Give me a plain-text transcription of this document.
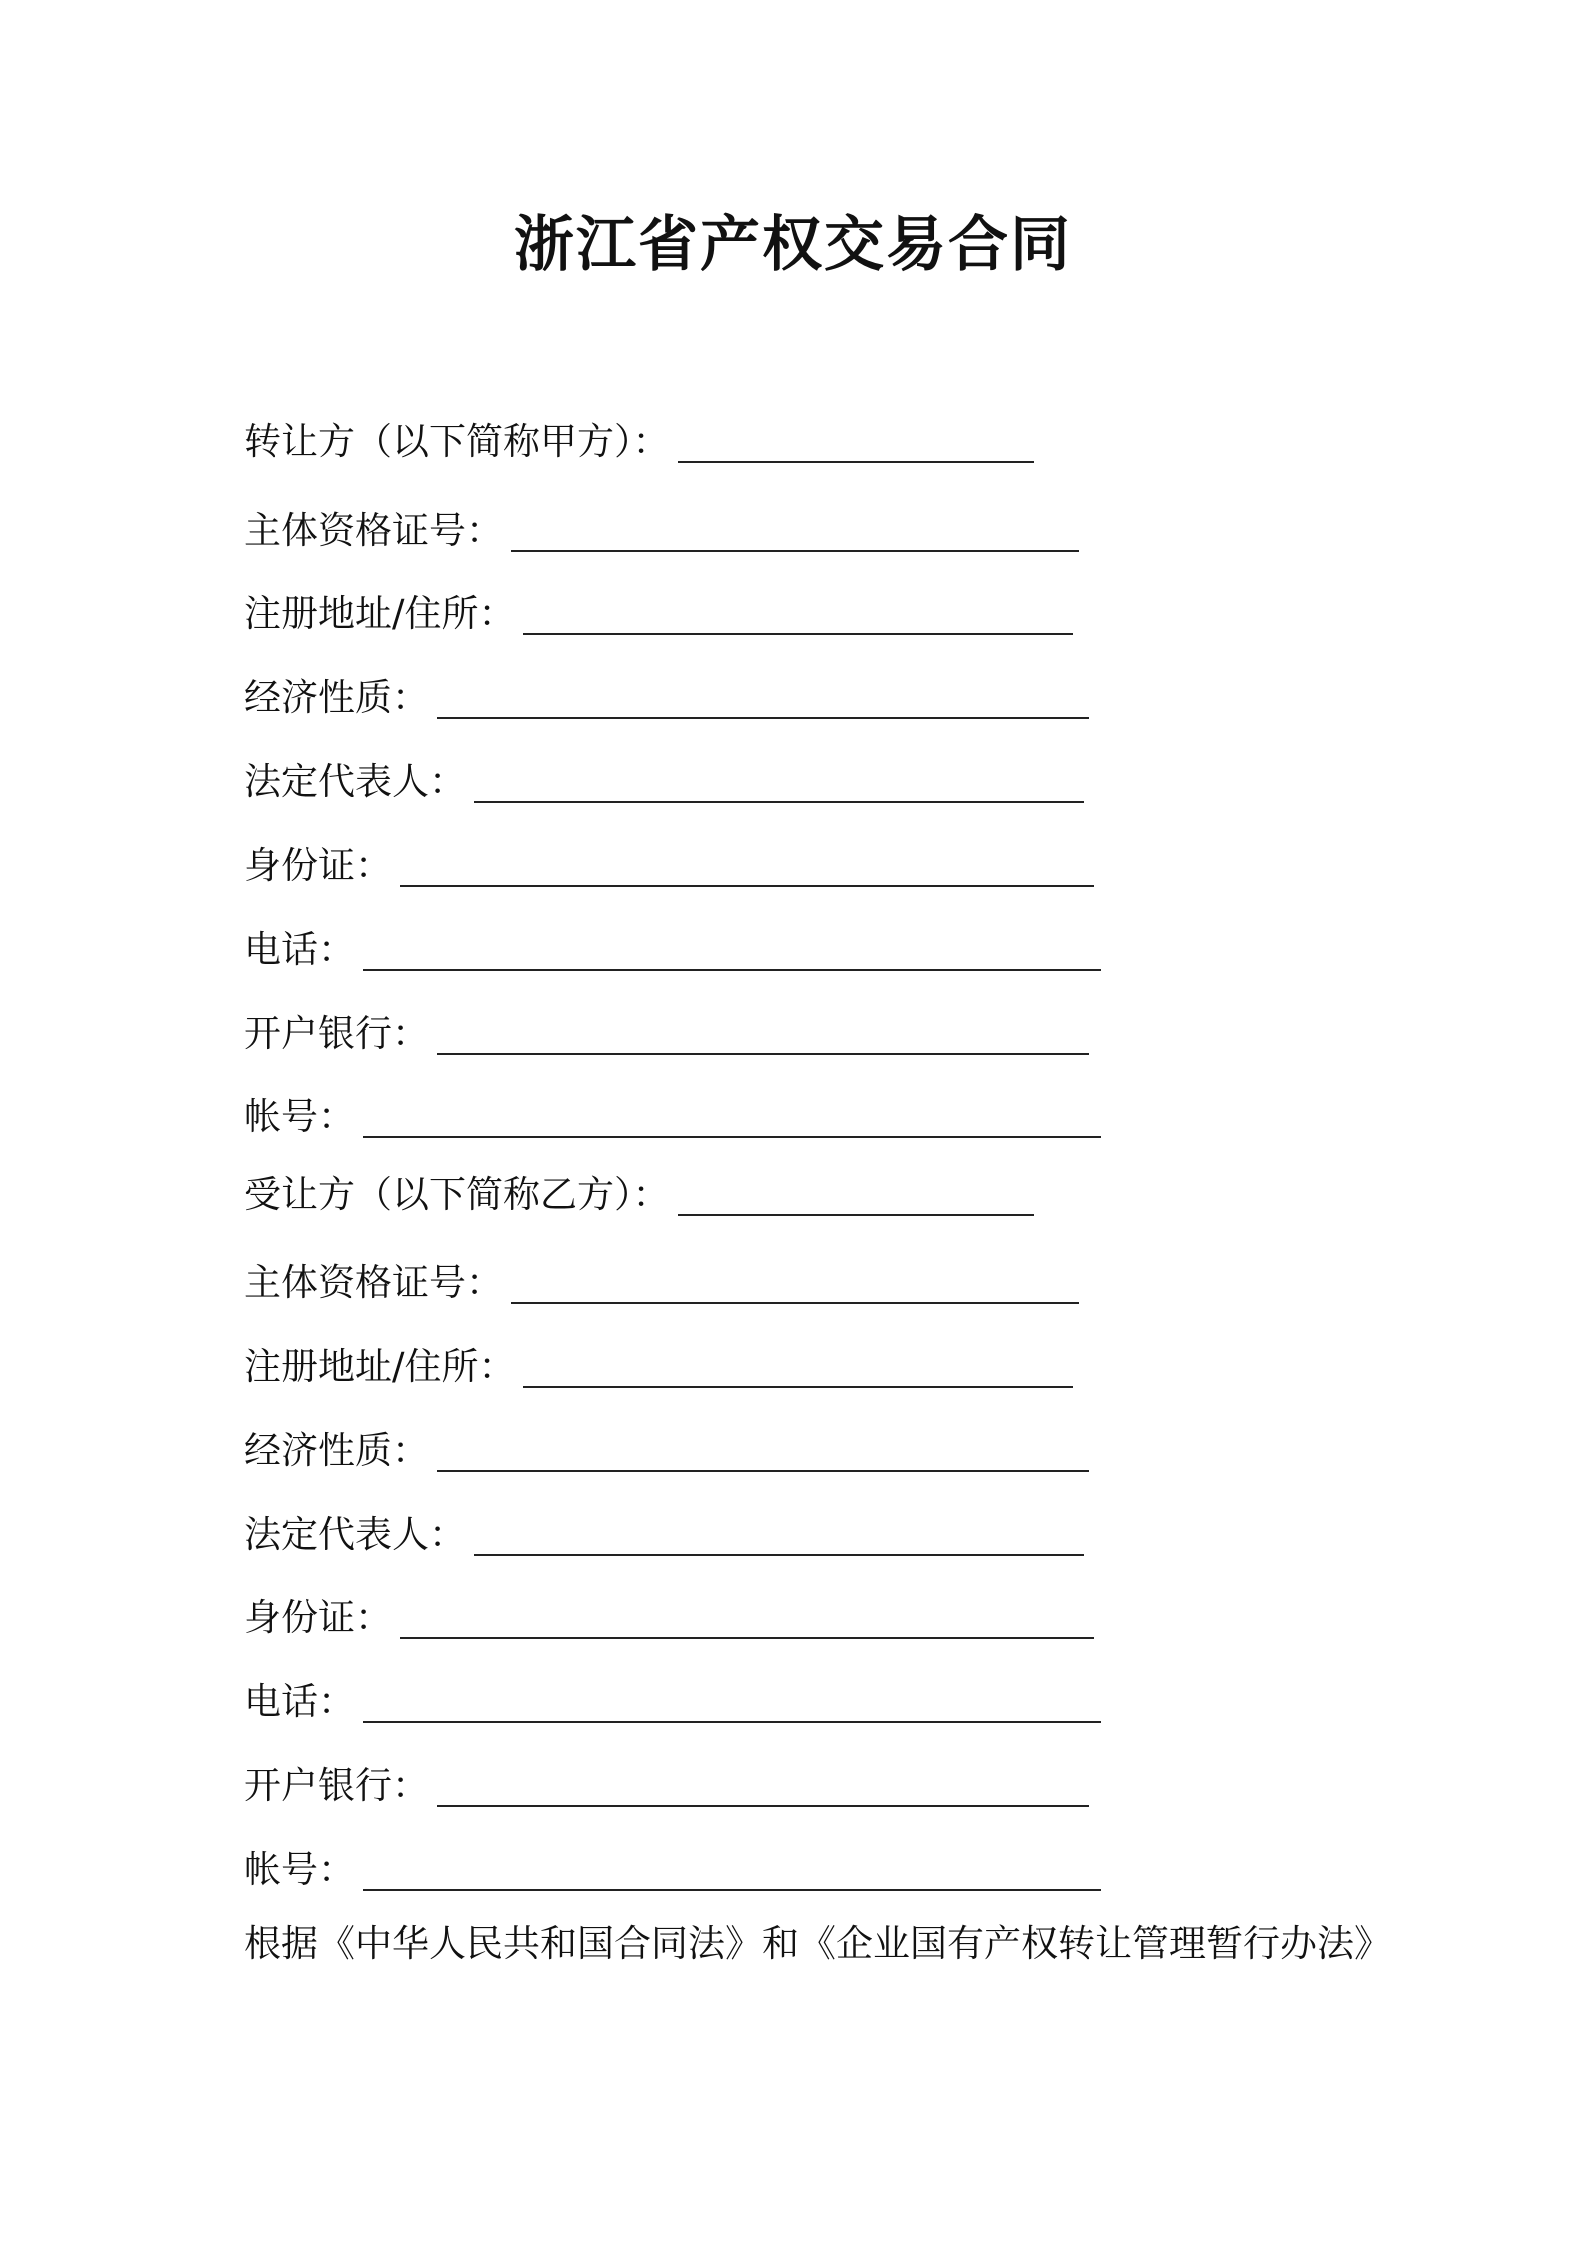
浙江省产权交易合同
转让方（以下简称甲方）：
主体资格证号：
注册地址/住所：
经济性质：
法定代表人：
身份证：
电话：
开户银行：
帐号：
受让方（以下简称乙方）：
主体资格证号：
注册地址/住所：
经济性质：
法定代表人：
身份证：
电话：
开户银行：
帐号：
根据《中华人民共和国合同法》和《企业国有产权转让管理暂行办法》
